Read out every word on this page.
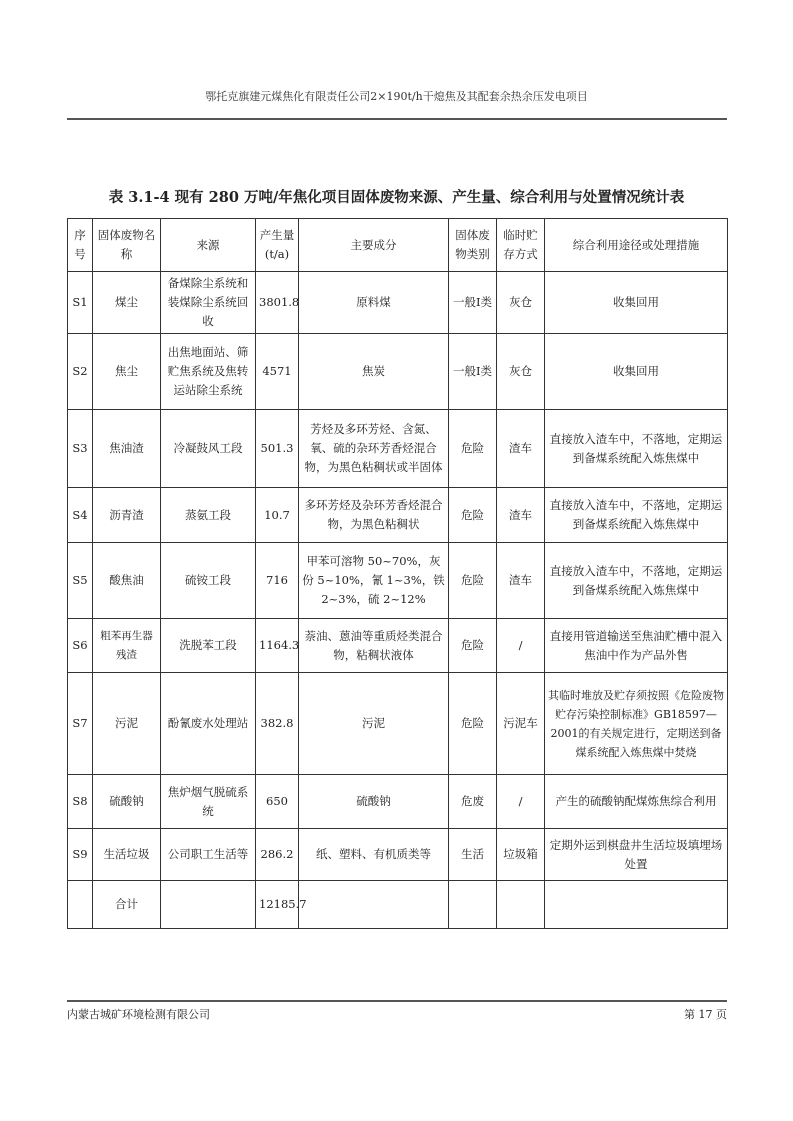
鄂托克旗建元煤焦化有限责任公司2×190t/h干熄焦及其配套余热余压发电项目
表 3.1-4 现有 280 万吨/年焦化项目固体废物来源、产生量、综合利用与处置情况统计表
序号	固体废物名称	来源	产生量 (t/a)	主要成分	固体废物类别	临时贮存方式	综合利用途径或处理措施
S1	煤尘	备煤除尘系统和装煤除尘系统回收	3801.8	原料煤	一般Ⅰ类	灰仓	收集回用
S2	焦尘	出焦地面站、筛贮焦系统及焦转运站除尘系统	4571	焦炭	一般Ⅰ类	灰仓	收集回用
S3	焦油渣	冷凝鼓风工段	501.3	芳烃及多环芳烃、含氮、氧、硫的杂环芳香烃混合物，为黑色粘稠状或半固体	危险	渣车	直接放入渣车中，不落地，定期运到备煤系统配入炼焦煤中
S4	沥青渣	蒸氨工段	10.7	多环芳烃及杂环芳香烃混合物，为黑色粘稠状	危险	渣车	直接放入渣车中，不落地，定期运到备煤系统配入炼焦煤中
S5	酸焦油	硫铵工段	716	甲苯可溶物 50~70%，灰份 5~10%，氰 1~3%，铁 2~3%，硫 2~12%	危险	渣车	直接放入渣车中，不落地，定期运到备煤系统配入炼焦煤中
S6	粗苯再生器残渣	洗脱苯工段	1164.3	萘油、蒽油等重质烃类混合物，粘稠状液体	危险	/	直接用管道输送至焦油贮槽中混入焦油中作为产品外售
S7	污泥	酚氰废水处理站	382.8	污泥	危险	污泥车	其临时堆放及贮存须按照《危险废物贮存污染控制标准》GB18597—2001的有关规定进行，定期送到备煤系统配入炼焦煤中焚烧
S8	硫酸钠	焦炉烟气脱硫系统	650	硫酸钠	危废	/	产生的硫酸钠配煤炼焦综合利用
S9	生活垃圾	公司职工生活等	286.2	纸、塑料、有机质类等	生活	垃圾箱	定期外运到棋盘井生活垃圾填埋场处置
	合计		12185.7				
内蒙古城矿环境检测有限公司	第 17 页
